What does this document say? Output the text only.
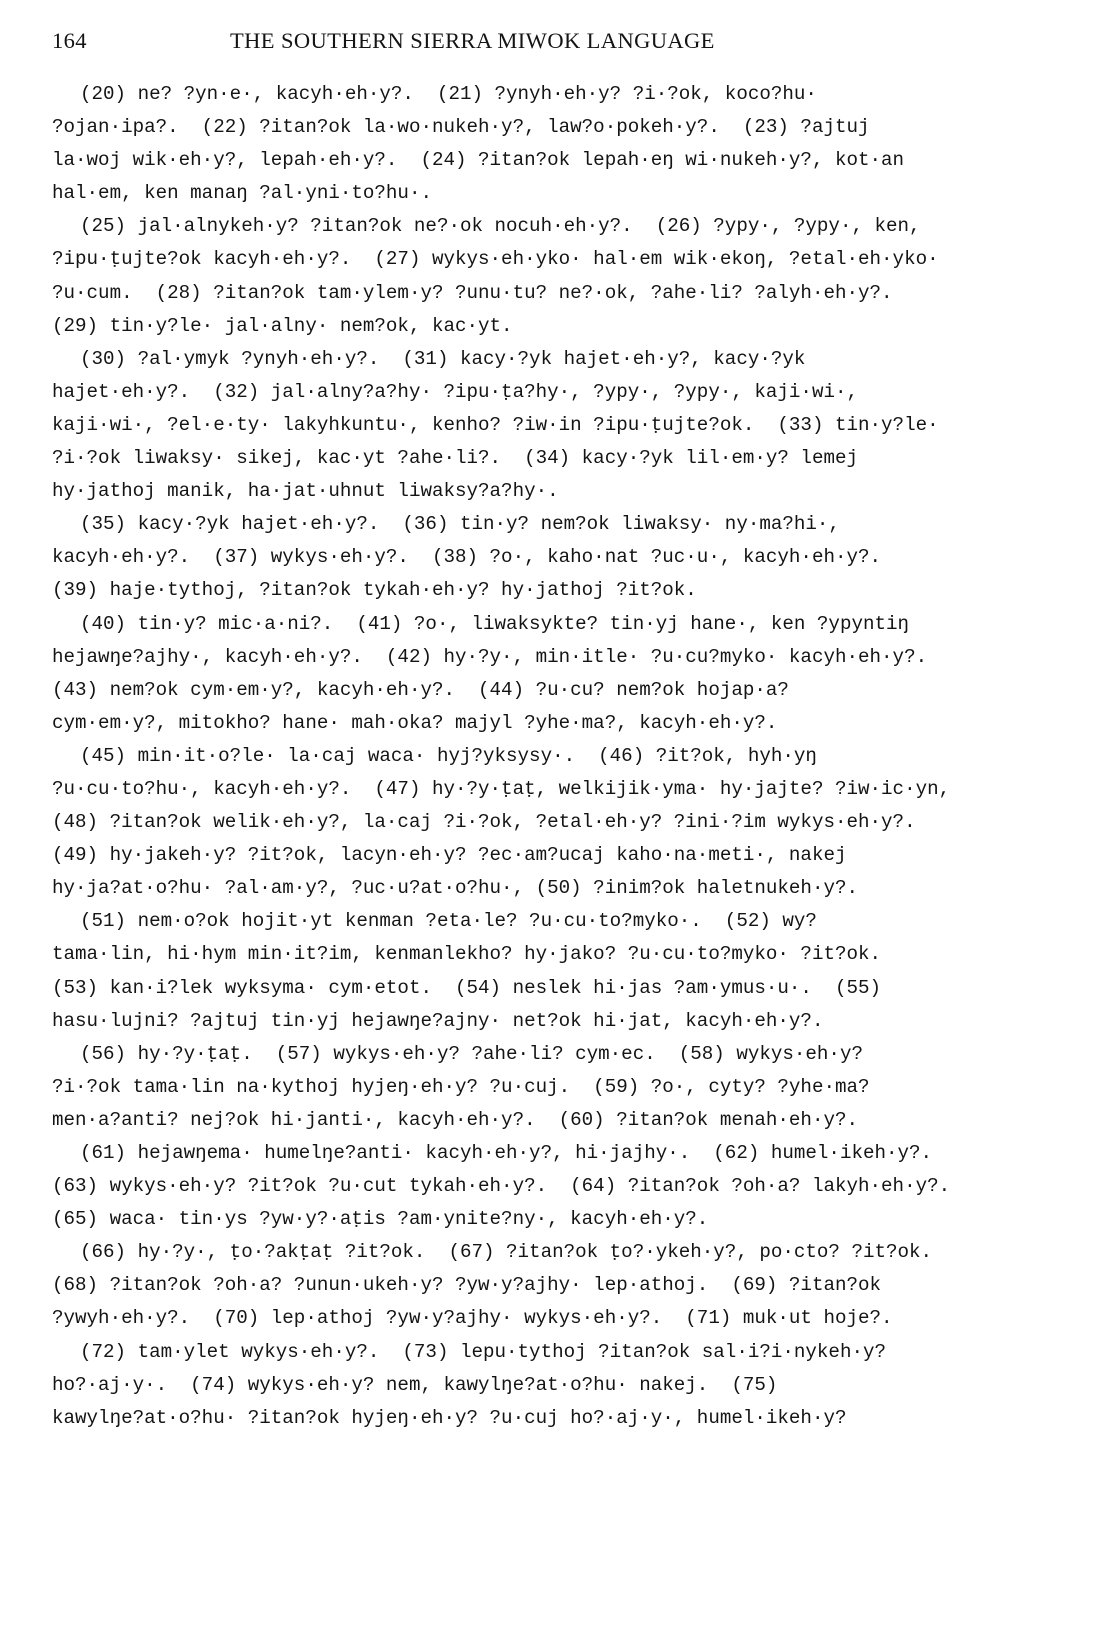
164	THE SOUTHERN SIERRA MIWOK LANGUAGE

(20) ne? ?yn·e·, kacyh·eh·y?.  (21) ?ynyh·eh·y? ?i·?ok, koco?hu·
?ojan·ipa?.  (22) ?itan?ok la·wo·nukeh·y?, law?o·pokeh·y?.  (23) ?ajtuj
la·woj wik·eh·y?, lepah·eh·y?.  (24) ?itan?ok lepah·eŋ wi·nukeh·y?, kot·an
hal·em, ken manaŋ ?al·yni·to?hu·.

(25) jal·alnykeh·y? ?itan?ok ne?·ok nocuh·eh·y?.  (26) ?ypy·, ?ypy·, ken,
?ipu·ṭujte?ok kacyh·eh·y?.  (27) wykys·eh·yko· hal·em wik·ekoŋ, ?etal·eh·yko·
?u·cum.  (28) ?itan?ok tam·ylem·y? ?unu·tu? ne?·ok, ?ahe·li? ?alyh·eh·y?.
(29) tin·y?le· jal·alny· nem?ok, kac·yt.

(30) ?al·ymyk ?ynyh·eh·y?.  (31) kacy·?yk hajet·eh·y?, kacy·?yk
hajet·eh·y?.  (32) jal·alny?a?hy· ?ipu·ṭa?hy·, ?ypy·, ?ypy·, kaji·wi·,
kaji·wi·, ?el·e·ty· lakyhkuntu·, kenho? ?iw·in ?ipu·ṭujte?ok.  (33) tin·y?le·
?i·?ok liwaksy· sikej, kac·yt ?ahe·li?.  (34) kacy·?yk lil·em·y? lemej
hy·jathoj manik, ha·jat·uhnut liwaksy?a?hy·.

(35) kacy·?yk hajet·eh·y?.  (36) tin·y? nem?ok liwaksy· ny·ma?hi·,
kacyh·eh·y?.  (37) wykys·eh·y?.  (38) ?o·, kaho·nat ?uc·u·, kacyh·eh·y?.
(39) haje·tythoj, ?itan?ok tykah·eh·y? hy·jathoj ?it?ok.

(40) tin·y? mic·a·ni?.  (41) ?o·, liwaksykte? tin·yj hane·, ken ?ypyntiŋ
hejawŋe?ajhy·, kacyh·eh·y?.  (42) hy·?y·, min·itle· ?u·cu?myko· kacyh·eh·y?.
(43) nem?ok cym·em·y?, kacyh·eh·y?.  (44) ?u·cu? nem?ok hojap·a?
cym·em·y?, mitokho? hane· mah·oka? majyl ?yhe·ma?, kacyh·eh·y?.

(45) min·it·o?le· la·caj waca· hyj?yksysy·.  (46) ?it?ok, hyh·yŋ
?u·cu·to?hu·, kacyh·eh·y?.  (47) hy·?y·ṭaṭ, welkijik·yma· hy·jajte? ?iw·ic·yn,
(48) ?itan?ok welik·eh·y?, la·caj ?i·?ok, ?etal·eh·y? ?ini·?im wykys·eh·y?.
(49) hy·jakeh·y? ?it?ok, lacyn·eh·y? ?ec·am?ucaj kaho·na·meti·, nakej
hy·ja?at·o?hu· ?al·am·y?, ?uc·u?at·o?hu·, (50) ?inim?ok haletnukeh·y?.

(51) nem·o?ok hojit·yt kenman ?eta·le? ?u·cu·to?myko·.  (52) wy?
tama·lin, hi·hym min·it?im, kenmanlekho? hy·jako? ?u·cu·to?myko· ?it?ok.
(53) kan·i?lek wyksyma· cym·etot.  (54) neslek hi·jas ?am·ymus·u·.  (55)
hasu·lujni? ?ajtuj tin·yj hejawŋe?ajny· net?ok hi·jat, kacyh·eh·y?.

(56) hy·?y·ṭaṭ.  (57) wykys·eh·y? ?ahe·li? cym·ec.  (58) wykys·eh·y?
?i·?ok tama·lin na·kythoj hyjeŋ·eh·y? ?u·cuj.  (59) ?o·, cyty? ?yhe·ma?
men·a?anti? nej?ok hi·janti·, kacyh·eh·y?.  (60) ?itan?ok menah·eh·y?.

(61) hejawŋema· humelŋe?anti· kacyh·eh·y?, hi·jajhy·.  (62) humel·ikeh·y?.
(63) wykys·eh·y? ?it?ok ?u·cut tykah·eh·y?.  (64) ?itan?ok ?oh·a? lakyh·eh·y?.
(65) waca· tin·ys ?yw·y?·aṭis ?am·ynite?ny·, kacyh·eh·y?.

(66) hy·?y·, ṭo·?akṭaṭ ?it?ok.  (67) ?itan?ok ṭo?·ykeh·y?, po·cto? ?it?ok.
(68) ?itan?ok ?oh·a? ?unun·ukeh·y? ?yw·y?ajhy· lep·athoj.  (69) ?itan?ok
?ywyh·eh·y?.  (70) lep·athoj ?yw·y?ajhy· wykys·eh·y?.  (71) muk·ut hoje?.

(72) tam·ylet wykys·eh·y?.  (73) lepu·tythoj ?itan?ok sal·i?i·nykeh·y?
ho?·aj·y·.  (74) wykys·eh·y? nem, kawylŋe?at·o?hu· nakej.  (75)
kawylŋe?at·o?hu· ?itan?ok hyjeŋ·eh·y? ?u·cuj ho?·aj·y·, humel·ikeh·y?
